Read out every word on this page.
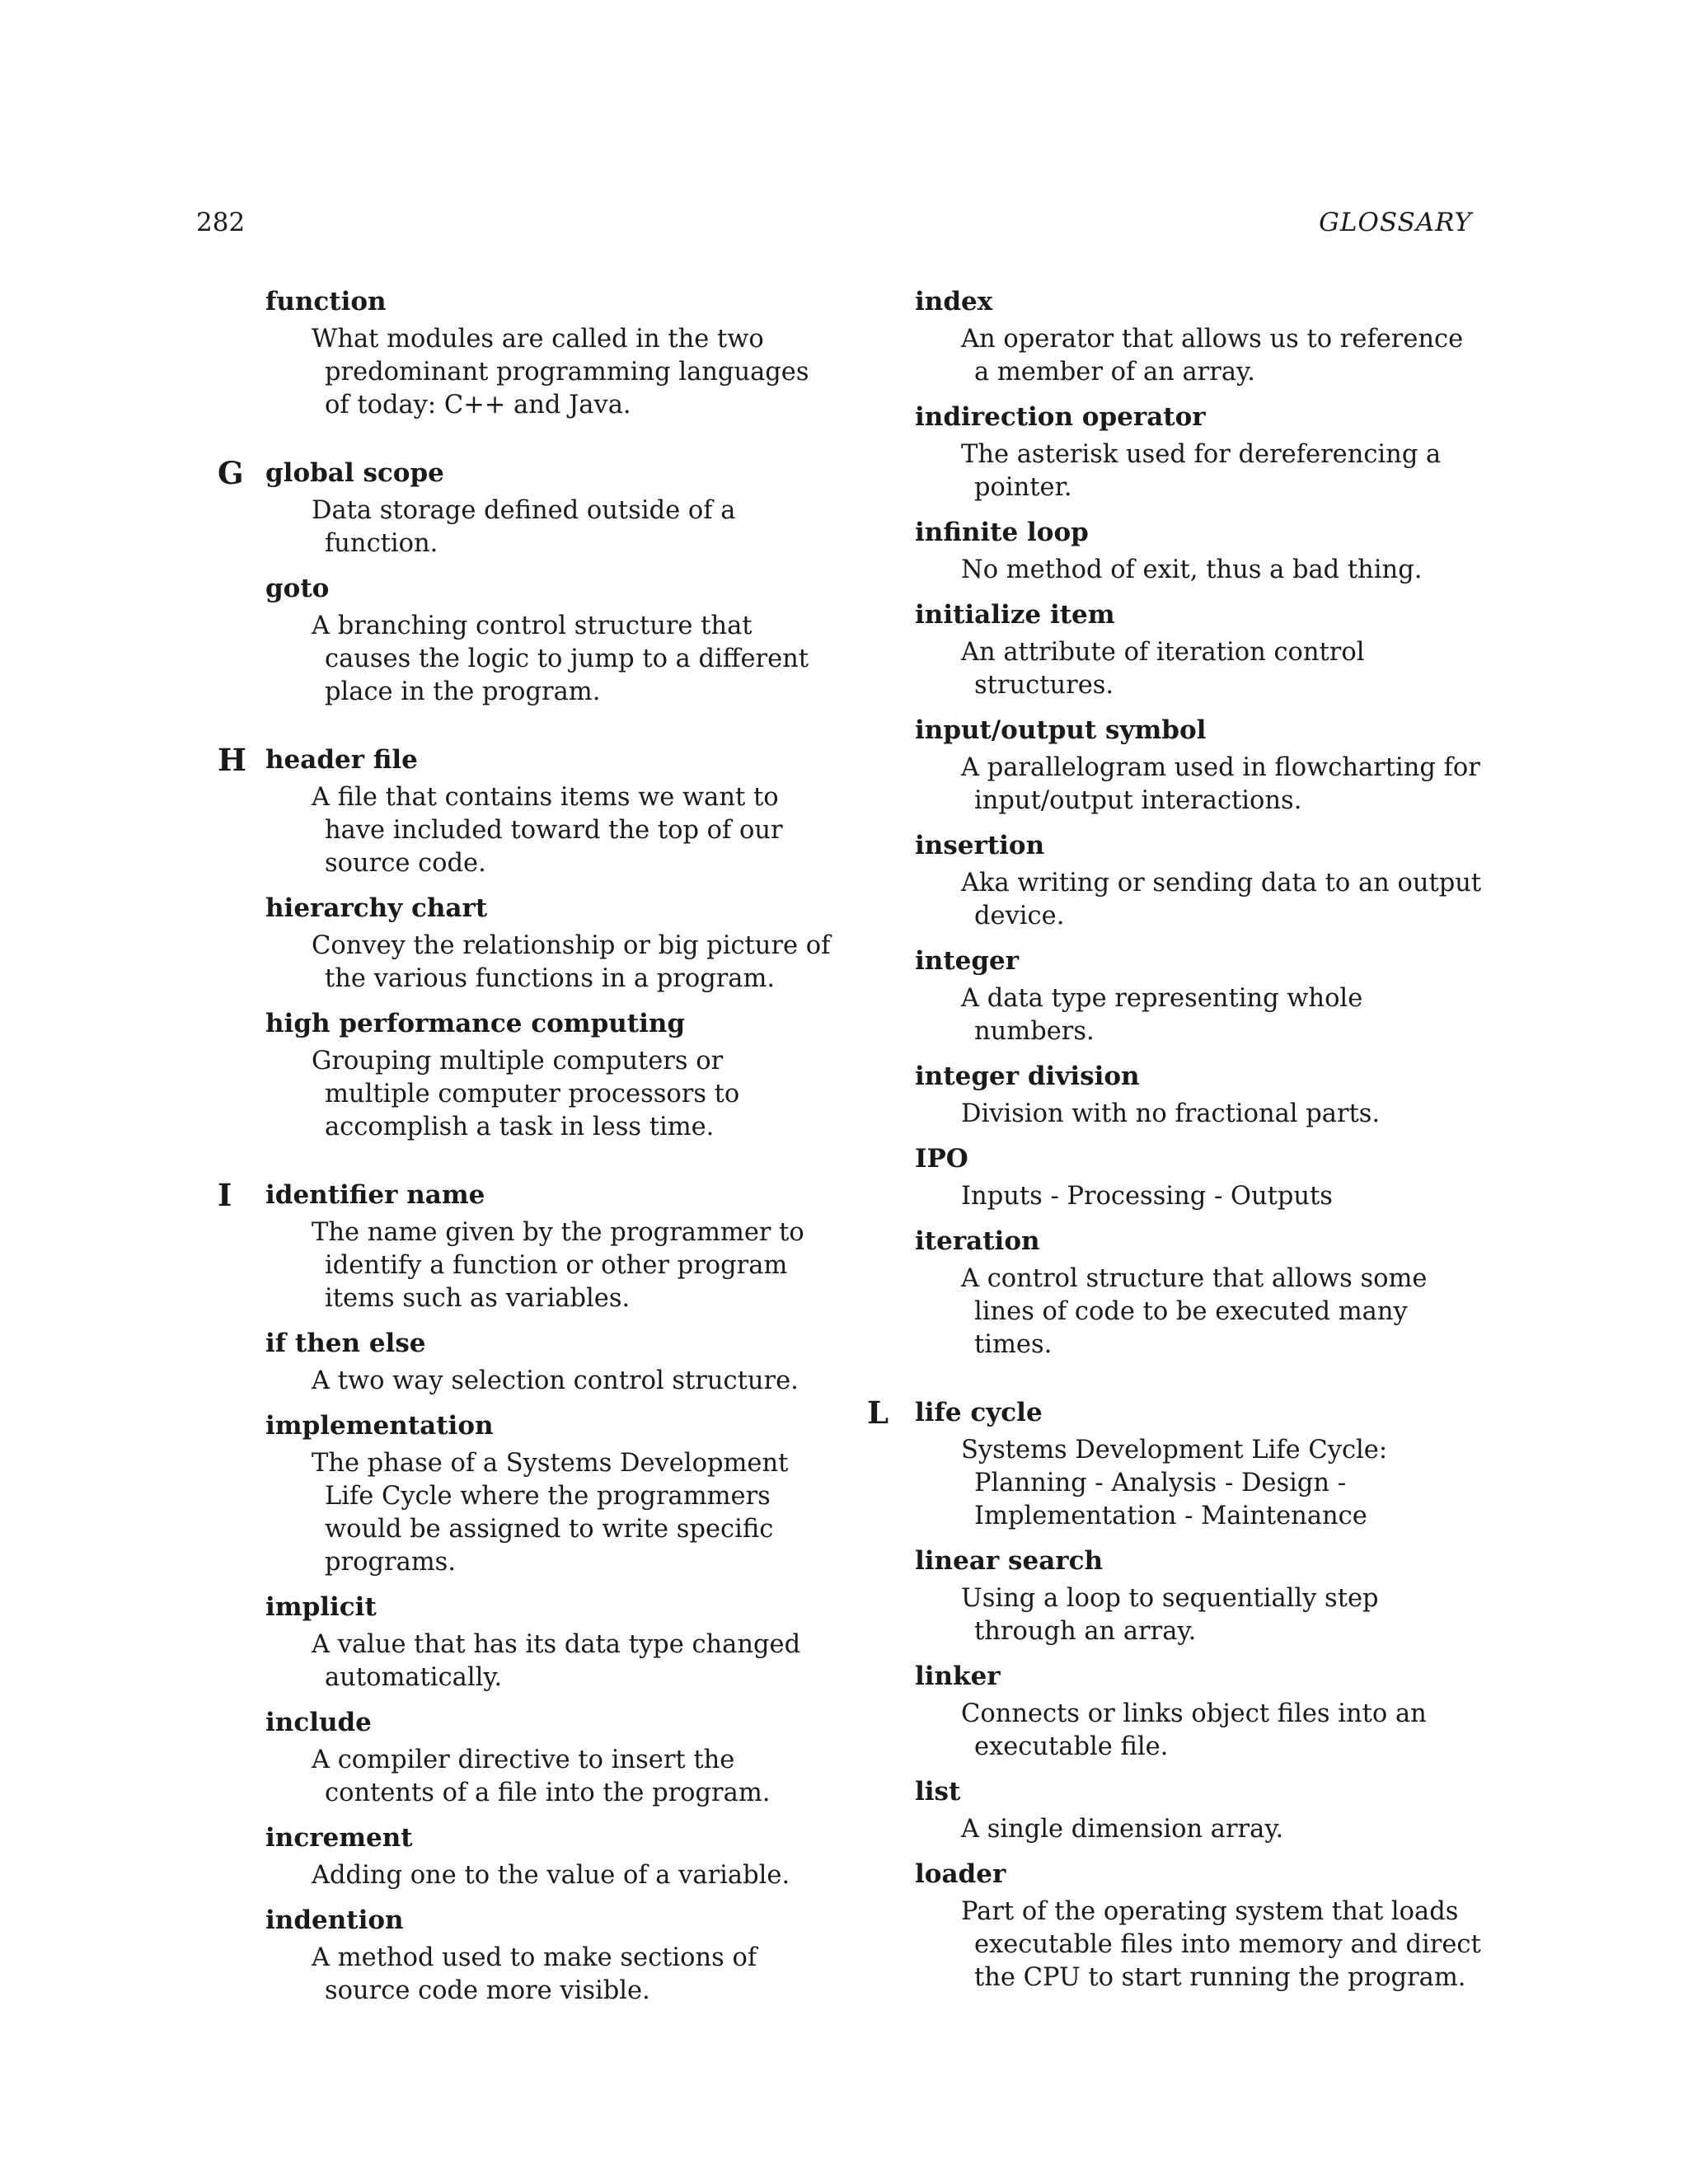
282	GLOSSARY
function
What modules are called in the two predominant programming languages of today: C++ and Java.
G global scope
Data storage defined outside of a function.
goto
A branching control structure that causes the logic to jump to a different place in the program.
H header file
A file that contains items we want to have included toward the top of our source code.
hierarchy chart
Convey the relationship or big picture of the various functions in a program.
high performance computing
Grouping multiple computers or multiple computer processors to accomplish a task in less time.
I identifier name
The name given by the programmer to identify a function or other program items such as variables.
if then else
A two way selection control structure.
implementation
The phase of a Systems Development Life Cycle where the programmers would be assigned to write specific programs.
implicit
A value that has its data type changed automatically.
include
A compiler directive to insert the contents of a file into the program.
increment
Adding one to the value of a variable.
indention
A method used to make sections of source code more visible.
index
An operator that allows us to reference a member of an array.
indirection operator
The asterisk used for dereferencing a pointer.
infinite loop
No method of exit, thus a bad thing.
initialize item
An attribute of iteration control structures.
input/output symbol
A parallelogram used in flowcharting for input/output interactions.
insertion
Aka writing or sending data to an output device.
integer
A data type representing whole numbers.
integer division
Division with no fractional parts.
IPO
Inputs - Processing - Outputs
iteration
A control structure that allows some lines of code to be executed many times.
L life cycle
Systems Development Life Cycle: Planning - Analysis - Design - Implementation - Maintenance
linear search
Using a loop to sequentially step through an array.
linker
Connects or links object files into an executable file.
list
A single dimension array.
loader
Part of the operating system that loads executable files into memory and direct the CPU to start running the program.
